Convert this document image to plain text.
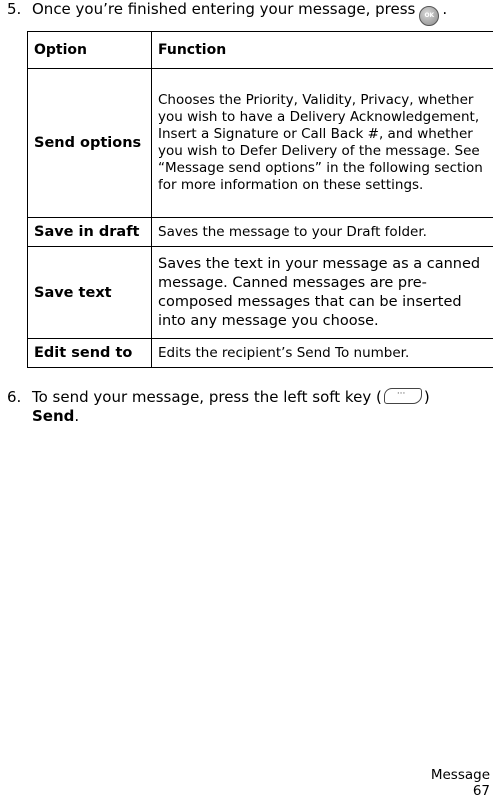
5. Once you’re finished entering your message, press OK .
Option	Function
Send options	Chooses the Priority, Validity, Privacy, whether you wish to have a Delivery Acknowledgement, Insert a Signature or Call Back #, and whether you wish to Defer Delivery of the message. See “Message send options” in the following section for more information on these settings.
Save in draft	Saves the message to your Draft folder.
Save text	Saves the text in your message as a canned message. Canned messages are pre-composed messages that can be inserted into any message you choose.
Edit send to	Edits the recipient’s Send To number.
6. To send your message, press the left soft key ( ···	)
Send.
Message
67
